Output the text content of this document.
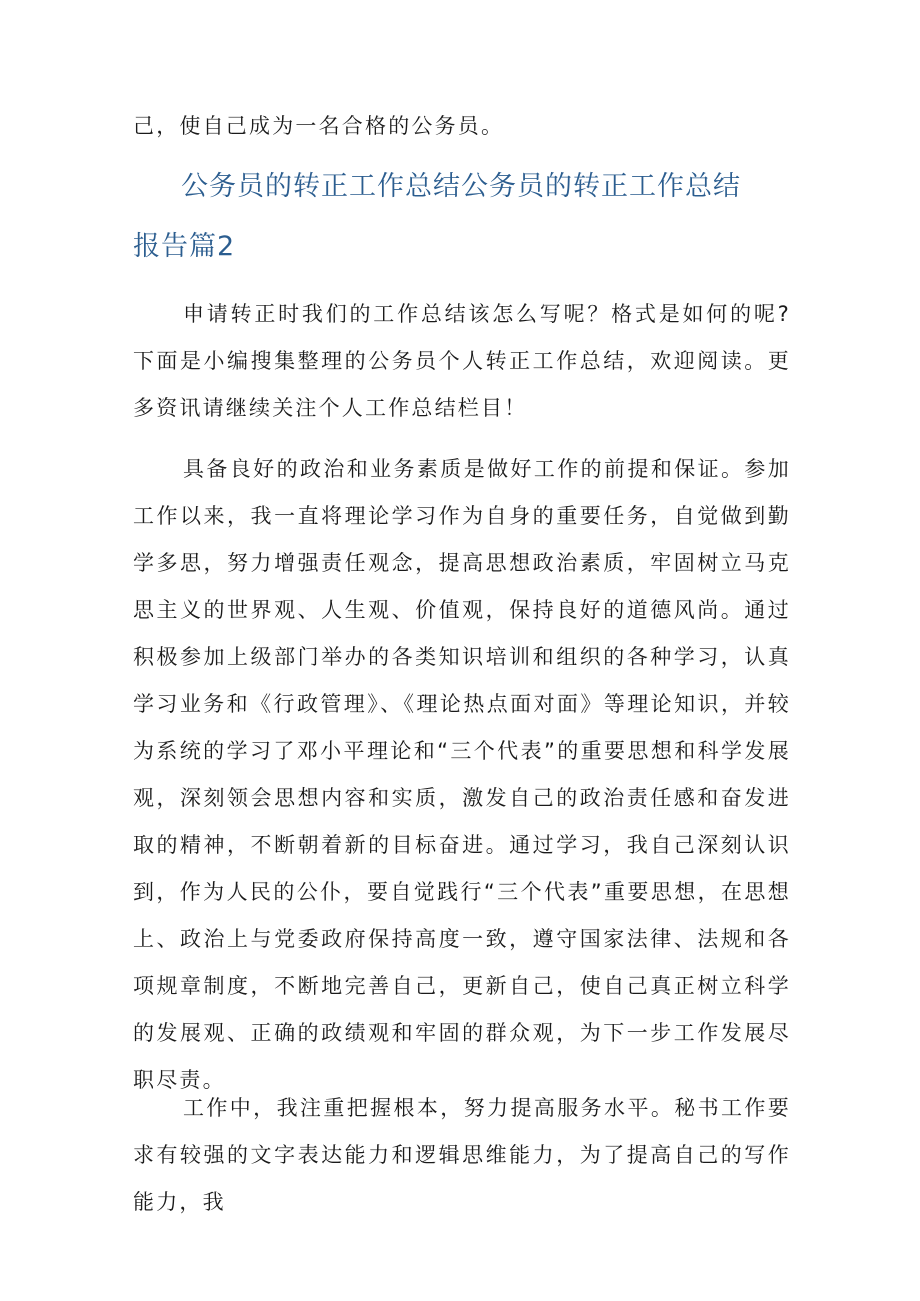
己，使自己成为一名合格的公务员。

公务员的转正工作总结公务员的转正工作总结
报告篇2

申请转正时我们的工作总结该怎么写呢？格式是如何的呢?下面是小编搜集整理的公务员个人转正工作总结，欢迎阅读。更多资讯请继续关注个人工作总结栏目！

具备良好的政治和业务素质是做好工作的前提和保证。参加工作以来，我一直将理论学习作为自身的重要任务，自觉做到勤学多思，努力增强责任观念，提高思想政治素质，牢固树立马克思主义的世界观、人生观、价值观，保持良好的道德风尚。通过积极参加上级部门举办的各类知识培训和组织的各种学习，认真学习业务和《行政管理》、《理论热点面对面》等理论知识，并较为系统的学习了邓小平理论和“三个代表”的重要思想和科学发展观，深刻领会思想内容和实质，激发自己的政治责任感和奋发进取的精神，不断朝着新的目标奋进。通过学习，我自己深刻认识到，作为人民的公仆，要自觉践行“三个代表”重要思想，在思想上、政治上与党委政府保持高度一致，遵守国家法律、法规和各项规章制度，不断地完善自己，更新自己，使自己真正树立科学的发展观、正确的政绩观和牢固的群众观，为下一步工作发展尽职尽责。

工作中，我注重把握根本，努力提高服务水平。秘书工作要求有较强的文字表达能力和逻辑思维能力，为了提高自己的写作能力，我
